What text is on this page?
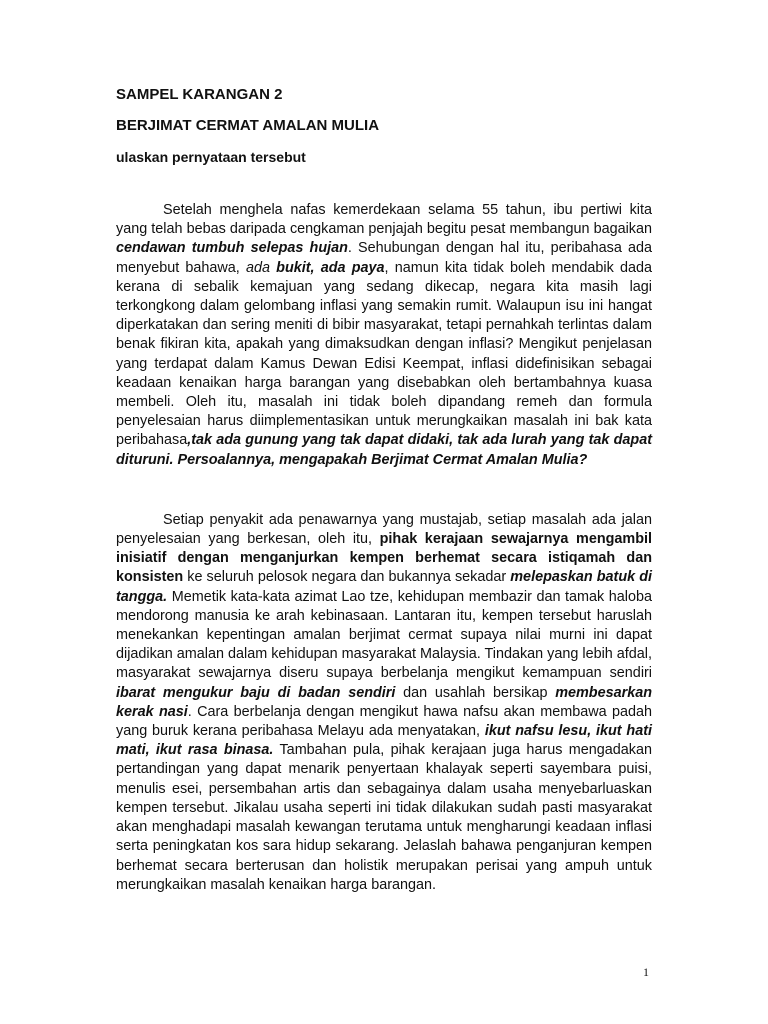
SAMPEL KARANGAN 2

BERJIMAT CERMAT AMALAN MULIA

ulaskan pernyataan tersebut

Setelah menghela nafas kemerdekaan selama 55 tahun, ibu pertiwi kita yang telah bebas daripada cengkaman penjajah begitu pesat membangun bagaikan cendawan tumbuh selepas hujan. Sehubungan dengan hal itu, peribahasa ada menyebut bahawa, ada bukit, ada paya, namun kita tidak boleh mendabik dada kerana di sebalik kemajuan yang sedang dikecap, negara kita masih lagi terkongkong dalam gelombang inflasi yang semakin rumit. Walaupun isu ini hangat diperkatakan dan sering meniti di bibir masyarakat, tetapi pernahkah terlintas dalam benak fikiran kita, apakah yang dimaksudkan dengan inflasi? Mengikut penjelasan yang terdapat dalam Kamus Dewan Edisi Keempat, inflasi didefinisikan sebagai keadaan kenaikan harga barangan yang disebabkan oleh bertambahnya kuasa membeli. Oleh itu, masalah ini tidak boleh dipandang remeh dan formula penyelesaian harus diimplementasikan untuk merungkaikan masalah ini bak kata peribahasa,tak ada gunung yang tak dapat didaki, tak ada lurah yang tak dapat dituruni. Persoalannya, mengapakah Berjimat Cermat Amalan Mulia?

Setiap penyakit ada penawarnya yang mustajab, setiap masalah ada jalan penyelesaian yang berkesan, oleh itu, pihak kerajaan sewajarnya mengambil inisiatif dengan menganjurkan kempen berhemat secara istiqamah dan konsisten ke seluruh pelosok negara dan bukannya sekadar melepaskan batuk di tangga. Memetik kata-kata azimat Lao tze, kehidupan membazir dan tamak haloba mendorong manusia ke arah kebinasaan. Lantaran itu, kempen tersebut haruslah menekankan kepentingan amalan berjimat cermat supaya nilai murni ini dapat dijadikan amalan dalam kehidupan masyarakat Malaysia. Tindakan yang lebih afdal, masyarakat sewajarnya diseru supaya berbelanja mengikut kemampuan sendiri ibarat mengukur baju di badan sendiri dan usahlah bersikap membesarkan kerak nasi. Cara berbelanja dengan mengikut hawa nafsu akan membawa padah yang buruk kerana peribahasa Melayu ada menyatakan, ikut nafsu lesu, ikut hati mati, ikut rasa binasa. Tambahan pula, pihak kerajaan juga harus mengadakan pertandingan yang dapat menarik penyertaan khalayak seperti sayembara puisi, menulis esei, persembahan artis dan sebagainya dalam usaha menyebarluaskan kempen tersebut. Jikalau usaha seperti ini tidak dilakukan sudah pasti masyarakat akan menghadapi masalah kewangan terutama untuk mengharungi keadaan inflasi serta peningkatan kos sara hidup sekarang. Jelaslah bahawa penganjuran kempen berhemat secara berterusan dan holistik merupakan perisai yang ampuh untuk merungkaikan masalah kenaikan harga barangan.

1
